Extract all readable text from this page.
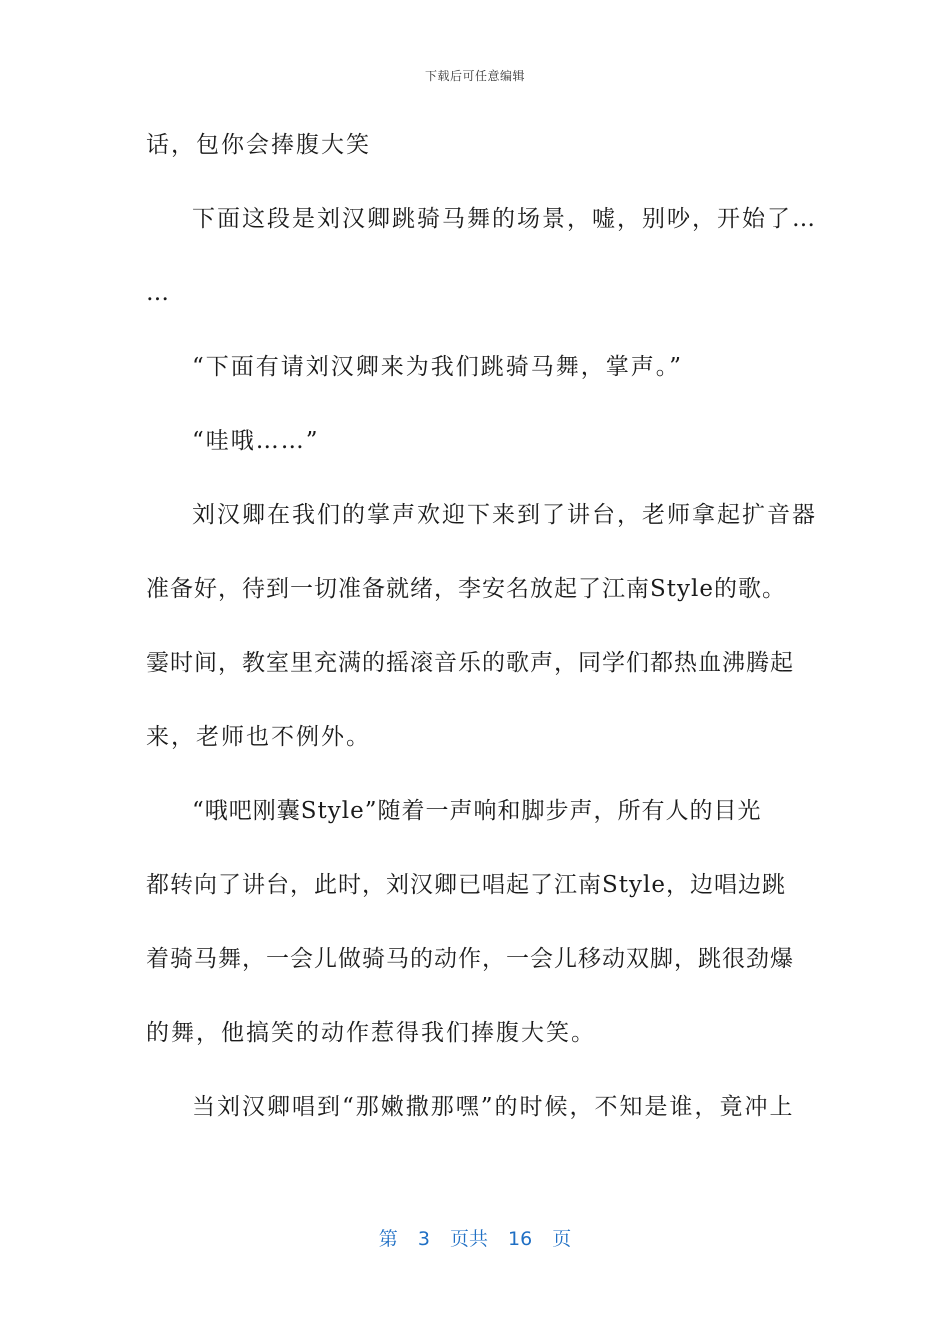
下载后可任意编辑
话，包你会捧腹大笑
下面这段是刘汉卿跳骑马舞的场景，嘘，别吵，开始了…
…
“下面有请刘汉卿来为我们跳骑马舞，掌声。”
“哇哦……”
刘汉卿在我们的掌声欢迎下来到了讲台，老师拿起扩音器
准备好，待到一切准备就绪，李安名放起了江南Style的歌。
霎时间，教室里充满的摇滚音乐的歌声，同学们都热血沸腾起
来，老师也不例外。
“哦吧刚囊Style”随着一声响和脚步声，所有人的目光
都转向了讲台，此时，刘汉卿已唱起了江南Style，边唱边跳
着骑马舞，一会儿做骑马的动作，一会儿移动双脚，跳很劲爆
的舞，他搞笑的动作惹得我们捧腹大笑。
当刘汉卿唱到“那嫩撒那嘿”的时候，不知是谁，竟冲上
第 3 页共 16 页
